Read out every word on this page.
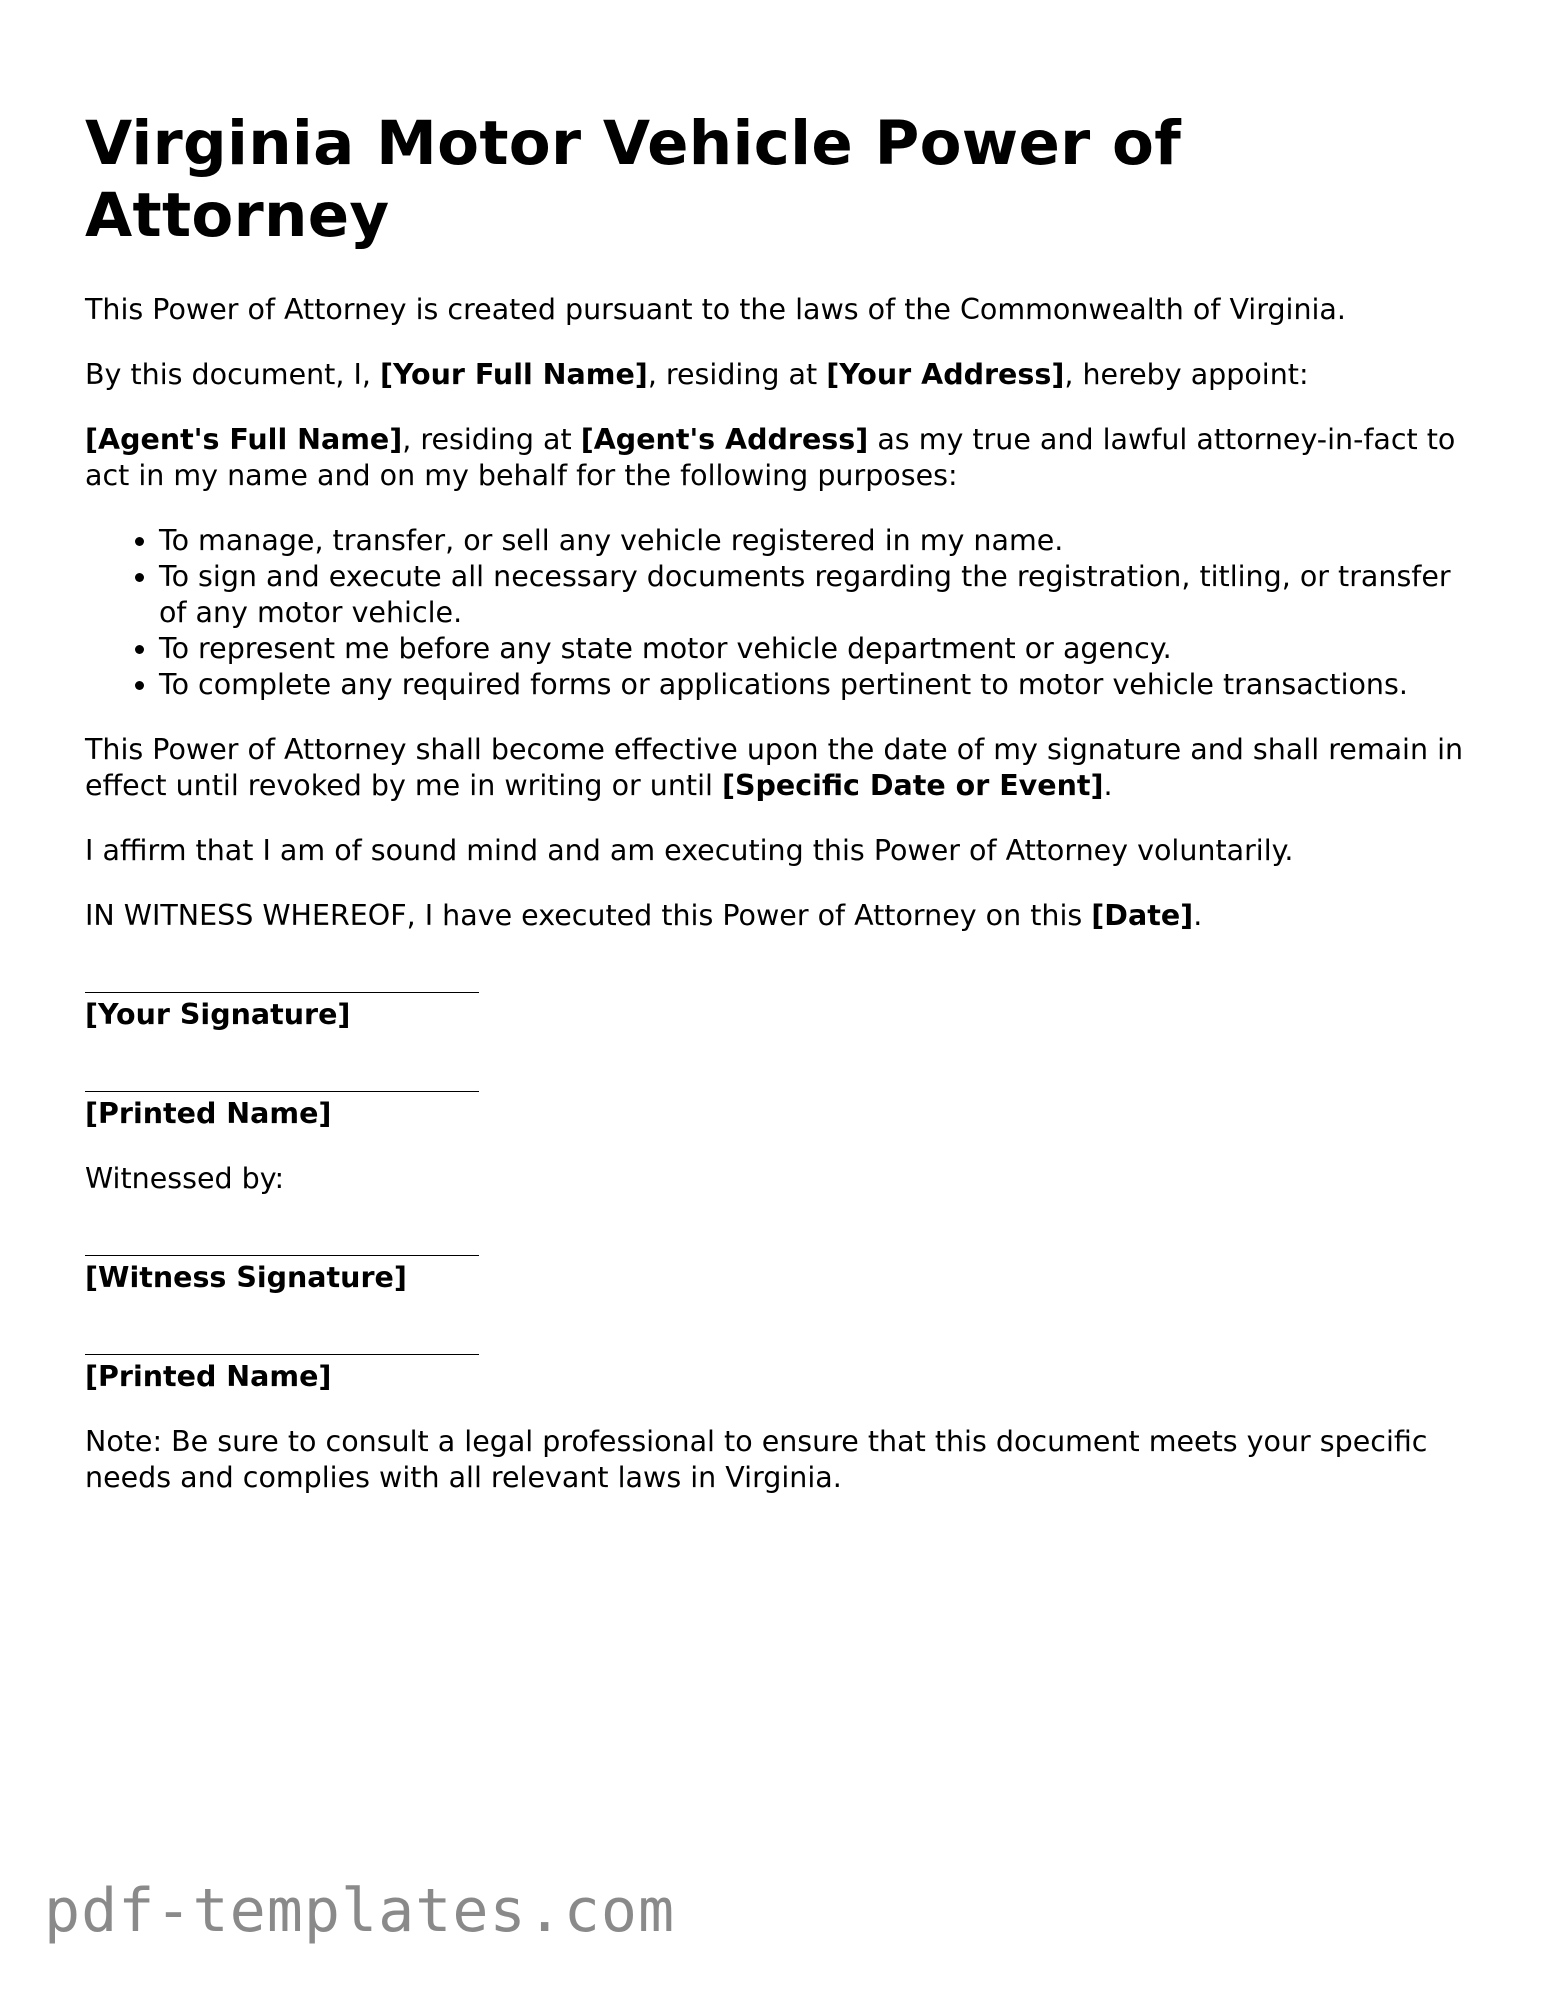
Virginia Motor Vehicle Power of Attorney

This Power of Attorney is created pursuant to the laws of the Commonwealth of Virginia.

By this document, I, [Your Full Name], residing at [Your Address], hereby appoint:

[Agent's Full Name], residing at [Agent's Address] as my true and lawful attorney-in-fact to act in my name and on my behalf for the following purposes:

• To manage, transfer, or sell any vehicle registered in my name.
• To sign and execute all necessary documents regarding the registration, titling, or transfer of any motor vehicle.
• To represent me before any state motor vehicle department or agency.
• To complete any required forms or applications pertinent to motor vehicle transactions.

This Power of Attorney shall become effective upon the date of my signature and shall remain in effect until revoked by me in writing or until [Specific Date or Event].

I affirm that I am of sound mind and am executing this Power of Attorney voluntarily.

IN WITNESS WHEREOF, I have executed this Power of Attorney on this [Date].

[Your Signature]
[Printed Name]

Witnessed by:

[Witness Signature]
[Printed Name]

Note: Be sure to consult a legal professional to ensure that this document meets your specific needs and complies with all relevant laws in Virginia.

pdf-templates.com
